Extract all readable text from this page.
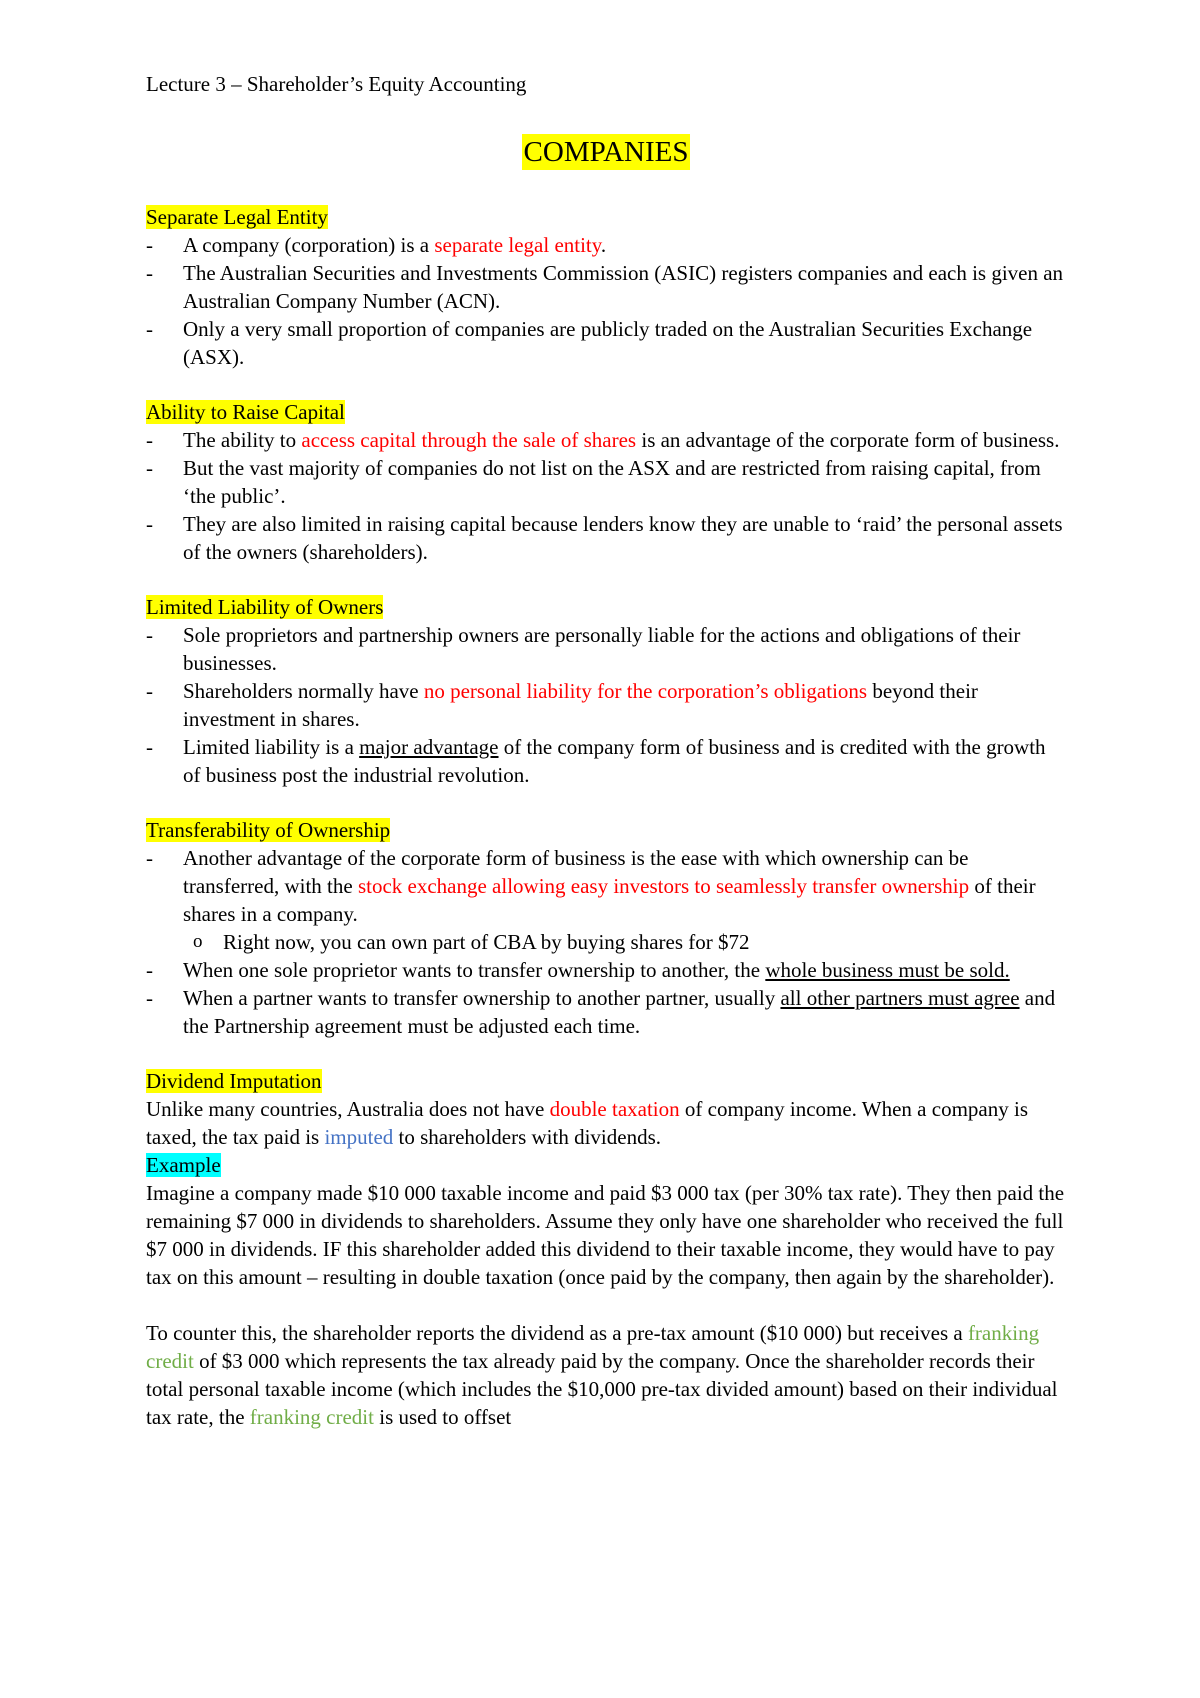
Lecture 3 – Shareholder’s Equity Accounting

COMPANIES

Separate Legal Entity

- A company (corporation) is a separate legal entity.
- The Australian Securities and Investments Commission (ASIC) registers companies and each is given an Australian Company Number (ACN).
- Only a very small proportion of companies are publicly traded on the Australian Securities Exchange (ASX).

Ability to Raise Capital

- The ability to access capital through the sale of shares is an advantage of the corporate form of business.
- But the vast majority of companies do not list on the ASX and are restricted from raising capital, from ‘the public’.
- They are also limited in raising capital because lenders know they are unable to ‘raid’ the personal assets of the owners (shareholders).

Limited Liability of Owners

- Sole proprietors and partnership owners are personally liable for the actions and obligations of their businesses.
- Shareholders normally have no personal liability for the corporation’s obligations beyond their investment in shares.
- Limited liability is a major advantage of the company form of business and is credited with the growth of business post the industrial revolution.

Transferability of Ownership

- Another advantage of the corporate form of business is the ease with which ownership can be transferred, with the stock exchange allowing easy investors to seamlessly transfer ownership of their shares in a company.
o Right now, you can own part of CBA by buying shares for $72
- When one sole proprietor wants to transfer ownership to another, the whole business must be sold.
- When a partner wants to transfer ownership to another partner, usually all other partners must agree and the Partnership agreement must be adjusted each time.

Dividend Imputation

Unlike many countries, Australia does not have double taxation of company income. When a company is taxed, the tax paid is imputed to shareholders with dividends.

Example

Imagine a company made $10 000 taxable income and paid $3 000 tax (per 30% tax rate). They then paid the remaining $7 000 in dividends to shareholders. Assume they only have one shareholder who received the full $7 000 in dividends. IF this shareholder added this dividend to their taxable income, they would have to pay tax on this amount – resulting in double taxation (once paid by the company, then again by the shareholder).

To counter this, the shareholder reports the dividend as a pre-tax amount ($10 000) but receives a franking credit of $3 000 which represents the tax already paid by the company. Once the shareholder records their total personal taxable income (which includes the $10,000 pre-tax divided amount) based on their individual tax rate, the franking credit is used to offset
